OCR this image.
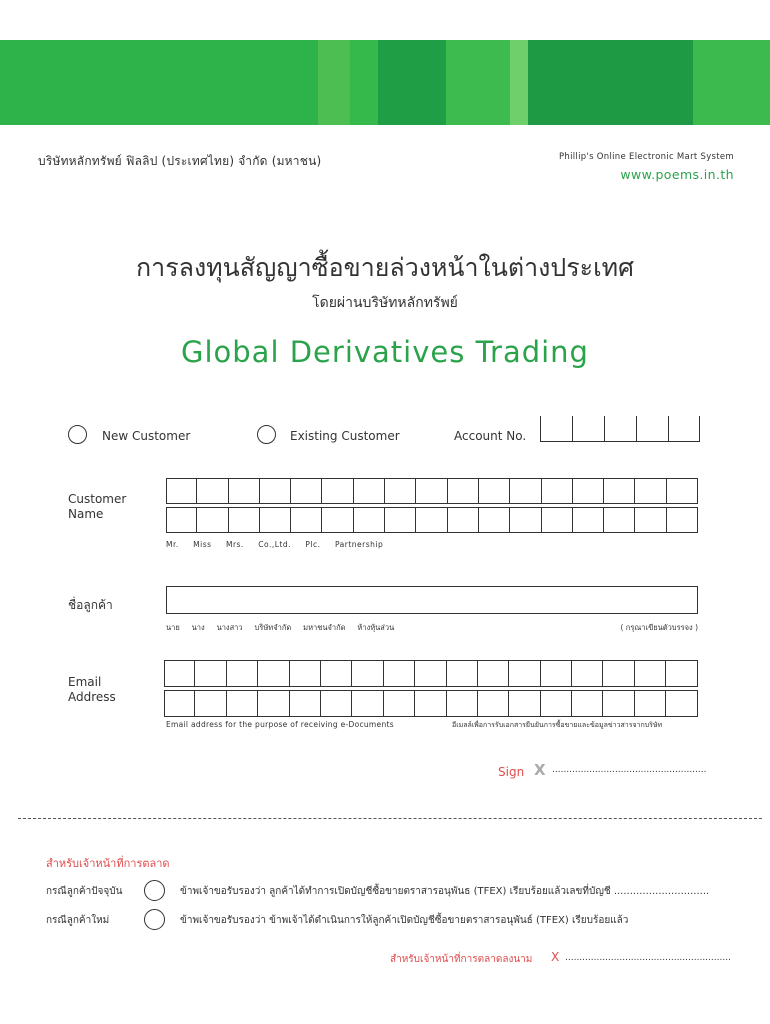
บริษัทหลักทรัพย์ ฟิลลิป (ประเทศไทย) จำกัด (มหาชน)	Phillip's Online Electronic Mart System
www.poems.in.th
การลงทุนสัญญาซื้อขายล่วงหน้าในต่างประเทศ
โดยผ่านบริษัทหลักทรัพย์
Global Derivatives Trading
New Customer	Existing Customer	Account No.
Customer
Name
Mr. Miss Mrs. Co.,Ltd. Plc. Partnership
ชื่อลูกค้า
นาย นาง นางสาว บริษัทจำกัด มหาชนจำกัด ห้างหุ้นส่วน	( กรุณาเขียนตัวบรรจง )
Email
Address
Email address for the purpose of receiving e-Documents	อีเมลล์เพื่อการรับเอกสารยืนยันการซื้อขายและข้อมูลข่าวสารจากบริษัท
Sign X ......................................................
สำหรับเจ้าหน้าที่การตลาด
กรณีลูกค้าปัจจุบัน	ข้าพเจ้าขอรับรองว่า ลูกค้าได้ทำการเปิดบัญชีซื้อขายตราสารอนุพันธ (TFEX) เรียบร้อยแล้วเลขที่บัญชี ..............................
กรณีลูกค้าใหม่	ข้าพเจ้าขอรับรองว่า ข้าพเจ้าได้ดำเนินการให้ลูกค้าเปิดบัญชีซื้อขายตราสารอนุพันธ์ (TFEX) เรียบร้อยแล้ว
สำหรับเจ้าหน้าที่การตลาดลงนาม X ..........................................................
